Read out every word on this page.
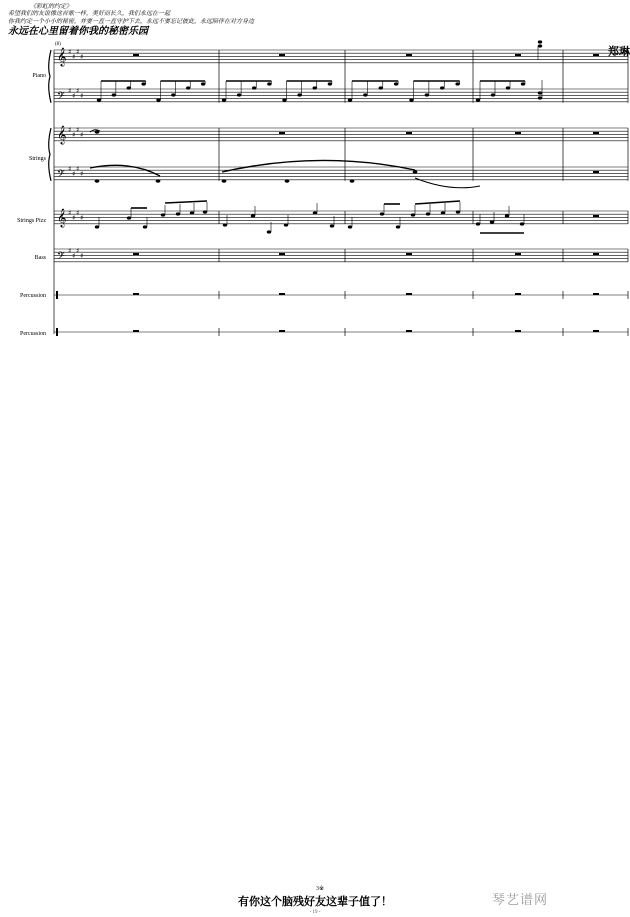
《彩虹的约定》
希望我们的友谊像这首歌一样，美好而长久，我们永远在一起
你我约定一个小小的秘密，并要一直一直守护下去，永远不要忘记彼此，永远陪伴在对方身边
永远在心里留着你我的秘密乐园
(8)
郑琳
Piano
Strings
Strings Pizz
Bass
Percussion
Percussion
𝄞 ♯
♯
♯
♯
𝄢 ♯
♯
♯
♯
𝄞 ♯
♯
♯
♯
𝄢 ♯
♯
♯
♯
𝄞 ♯
♯
♯
♯
𝄢 ♯
♯
♯
♯
3※
有你这个脑残好友这辈子值了！
- 19 -
琴艺谱网
